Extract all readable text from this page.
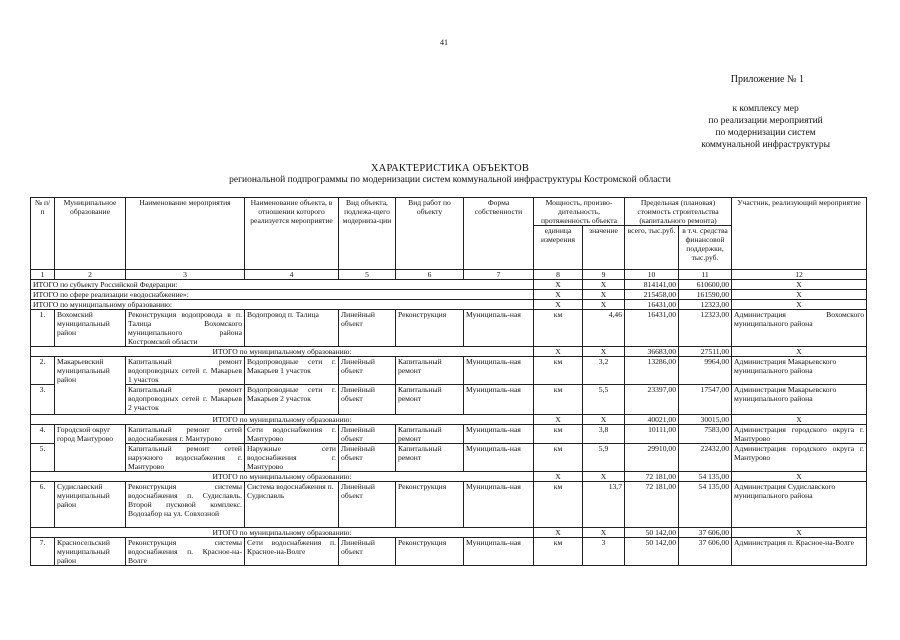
41
Приложение № 1
к комплексу мер
по реализации мероприятий
по модернизации систем
коммунальной инфраструктуры
ХАРАКТЕРИСТИКА ОБЪЕКТОВ
региональной подпрограммы по модернизации систем коммунальной инфраструктуры Костромской области
№ п/п	Муниципальное образование	Наименование мероприятия	Наименование объекта, в отношении которого реализуется мероприятие	Вид объекта, подлежа-щего модерниза-ции	Вид работ по объекту	Форма собственности	Мощность, произво-дительность, протяженность объекта		Предельная (плановая) стоимость строительства (капитального ремонта)		Участник, реализующий мероприятие
							единица измерения	значение	всего, тыс.руб.	в т.ч. средства финансовой поддержки, тыс.руб.	
1	2	3	4	5	6	7	8	9	10	11	12
ИТОГО по субъекту Российской Федерации:							X	X	814141,00	610600,00	X
ИТОГО по сфере реализации «водоснабжение»:							X	X	215458,00	161590,00	X
ИТОГО по муниципальному образованию:							X	X	16431,00	12323,00	X
1.	Вохомский муниципальный район	Реконструкция водопровода в п. Талица Вохомского муниципального района Костромской области	Водопровод п. Талица	Линейный объект	Реконструкция	Муниципаль-ная	км	4,46	16431,00	12323,00	Администрация Вохомского муниципального района
ИТОГО по муниципальному образованию:							X	X	36683,00	27511,00	X
2.	Макарьевский муниципальный район	Капитальный ремонт водопроводных сетей г. Макарьев 1 участок	Водопроводные сети г. Макарьев 1 участок	Линейный объект	Капитальный ремонт	Муниципаль-ная	км	3,2	13286,00	9964,00	Администрация Макарьевского муниципального района
3.		Капитальный ремонт водопроводных сетей г. Макарьев 2 участок	Водопроводные сети г. Макарьев 2 участок	Линейный объект	Капитальный ремонт	Муниципаль-ная	км	5,5	23397,00	17547,00	Администрация Макарьевского муниципального района
ИТОГО по муниципальному образованию:							X	X	40021,00	30015,00	X
4.	Городской округ город Мантурово	Капитальный ремонт сетей водоснабжения г. Мантурово	Сети водоснабжения г. Мантурово	Линейный объект	Капитальный ремонт	Муниципаль-ная	км	3,8	10111,00	7583,00	Администрация городского округа г. Мантурово
5.		Капитальный ремонт сетей наружного водоснабжения г. Мантурово	Наружные сети водоснабжения г. Мантурово	Линейный объект	Капитальный ремонт	Муниципаль-ная	км	5,9	29910,00	22432,00	Администрация городского округа г. Мантурово
ИТОГО по муниципальному образованию:							X	X	72 181,00	54 135,00	X
6.	Судиславский муниципальный район	Реконструкция системы водоснабжения п. Судиславль. Второй пусковой комплекс. Водозабор на ул. Совхозной	Система водоснабжения п. Судиславль	Линейный объект	Реконструкция	Муниципаль-ная	км	13,7	72 181,00	54 135,00	Администрация Судиславского муниципального района
ИТОГО по муниципальному образованию:							X	X	50 142,00	37 606,00	X
7.	Красносельский муниципальный район	Реконструкция системы водоснабжения п. Красное-на-Волге	Сети водоснабжения п. Красное-на-Волге	Линейный объект	Реконструкция	Муниципаль-ная	км	3	50 142,00	37 606,00	Администрация п. Красное-на-Волге
